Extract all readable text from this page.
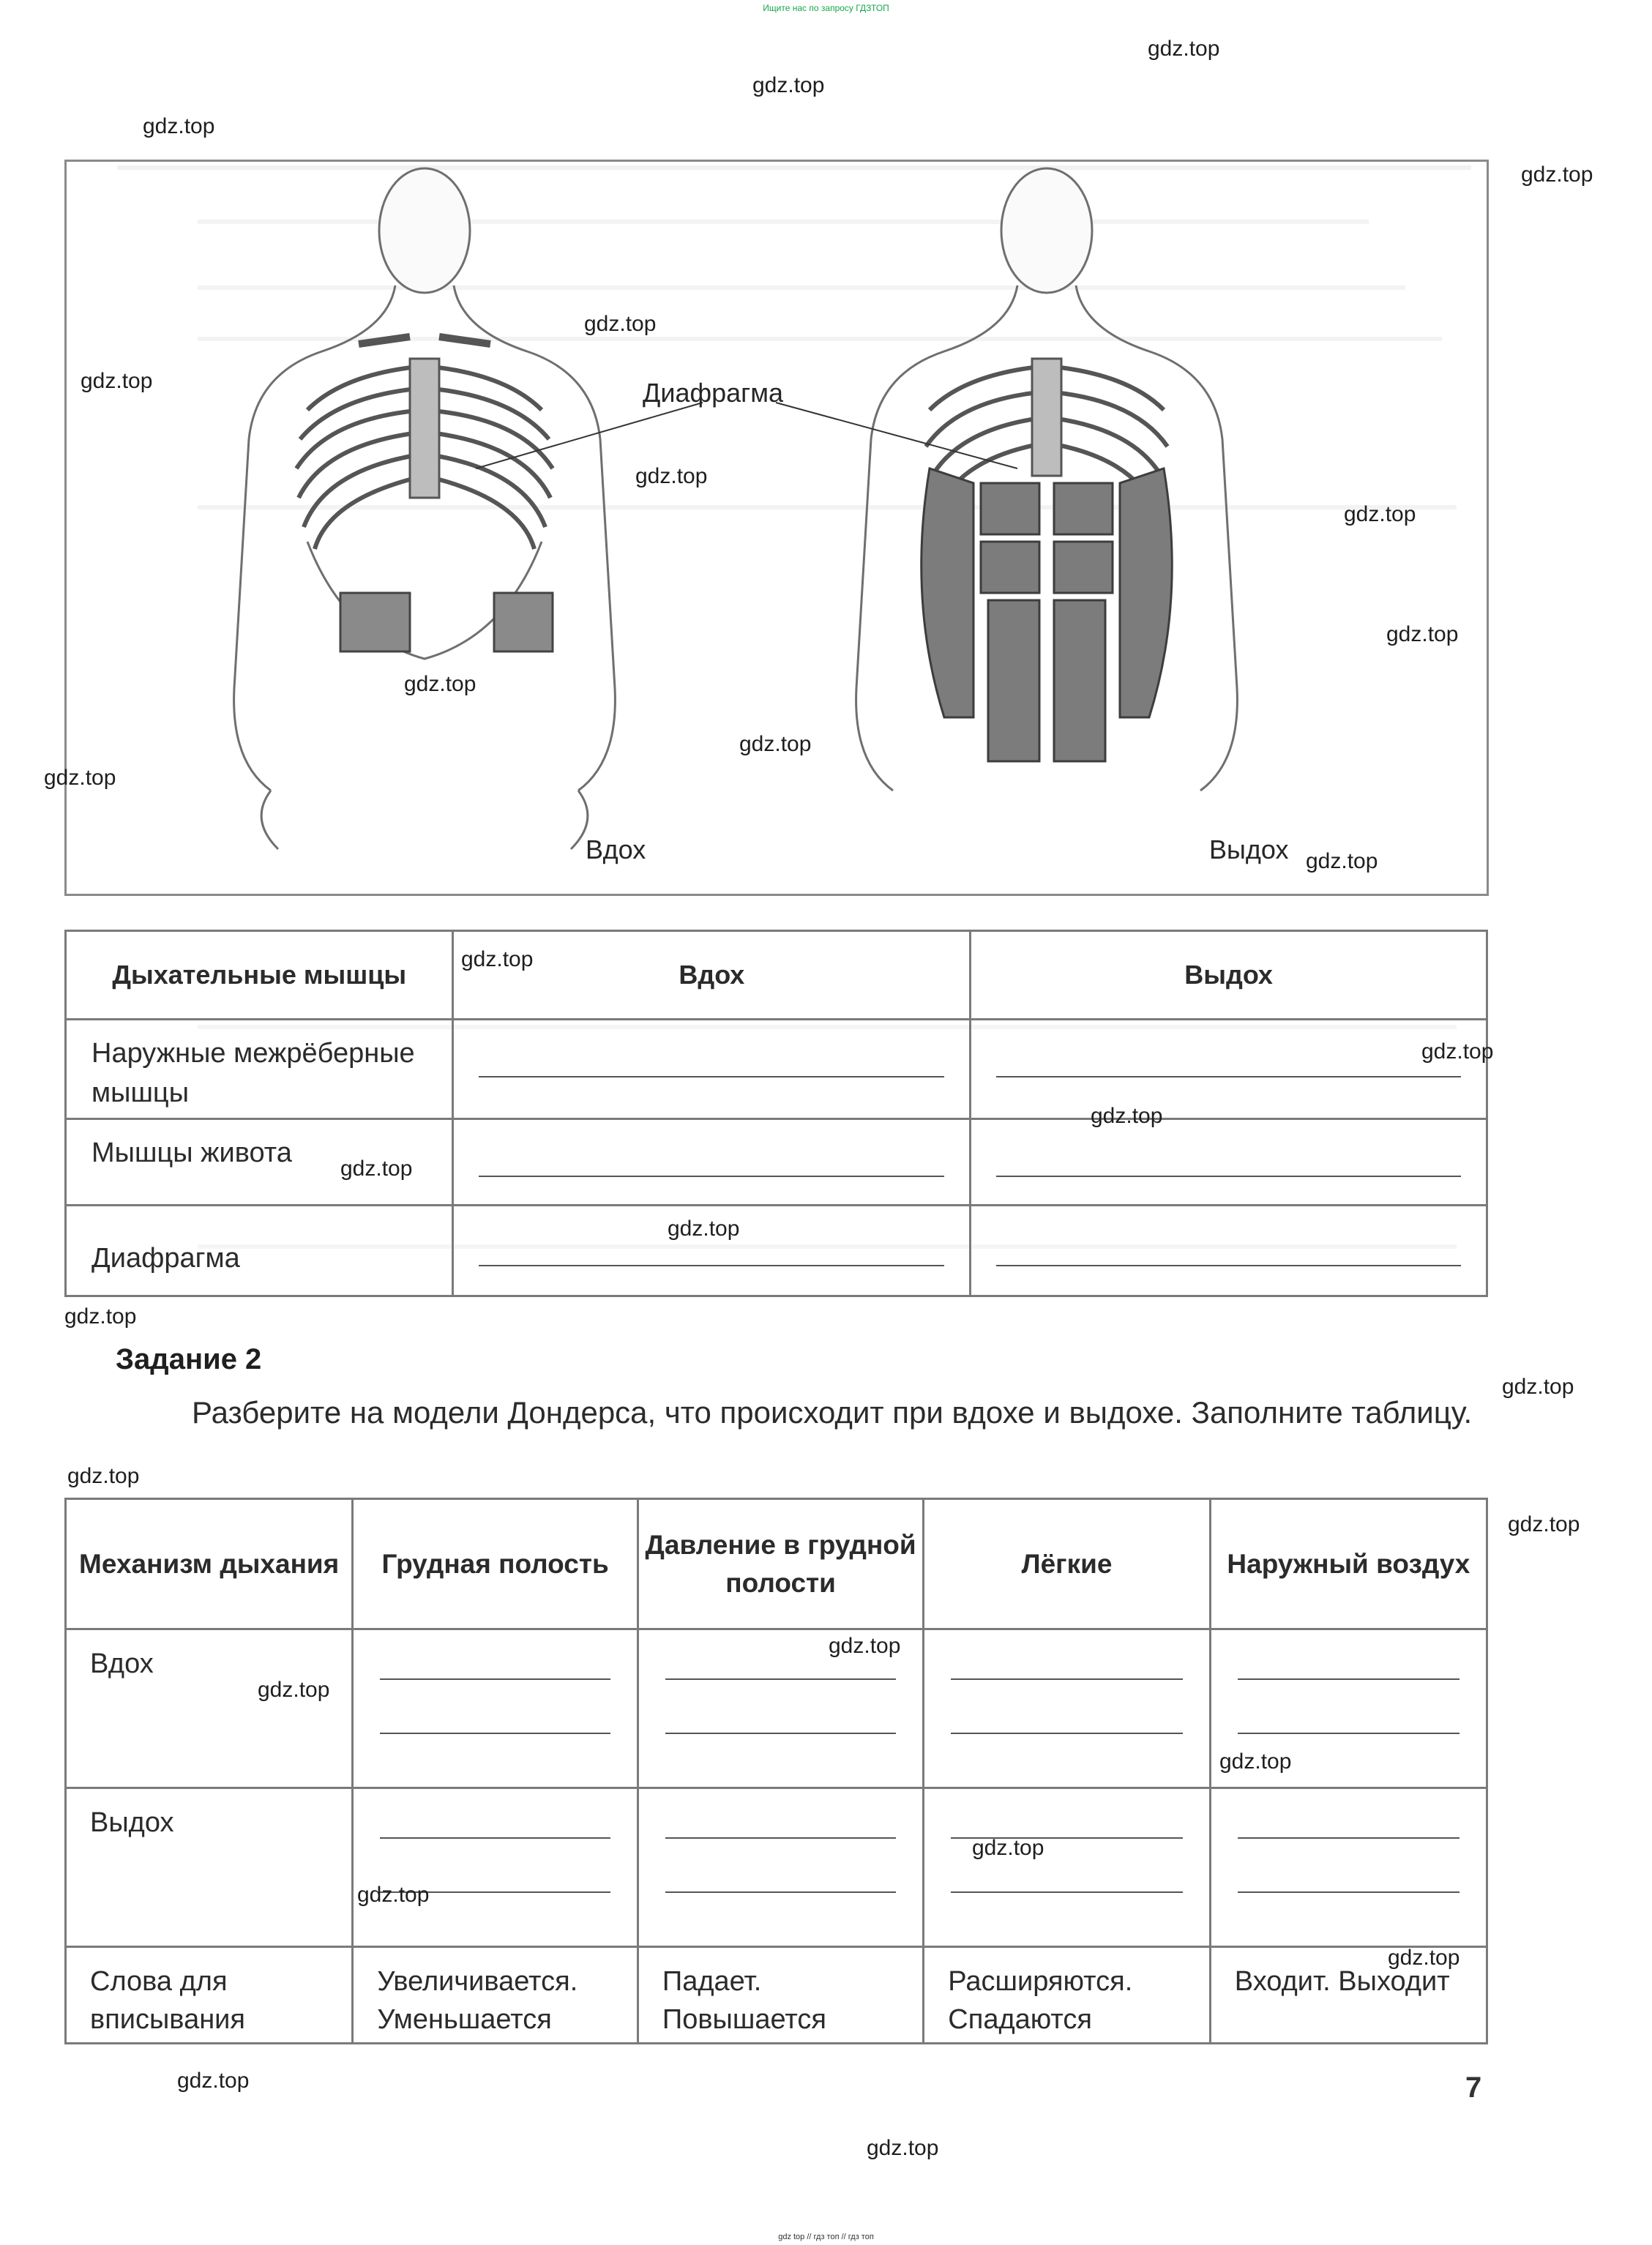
Ищите нас по запросу ГДЗТОП
Диафрагма
Вдох	Выдох
Дыхательные мышцы	Вдох	Выдох

Наружные межрёберные мышцы		

Мышцы живота		

Диафрагма		

Задание 2
Разберите на модели Дондерса, что происходит при вдохе и выдохе. Заполните таблицу.
Механизм дыхания	Грудная полость	Давление в грудной полости	Лёгкие	Наружный воздух

Вдох				

Выдох				

Слова для вписывания	Увеличивается. Уменьшается	Падает. Повышается	Расширяются. Спадаются	Входит. Выходит
7
gdz.top
gdz.top
gdz.top
gdz.top
gdz.top
gdz.top
gdz.top
gdz.top
gdz.top
gdz.top
gdz.top
gdz.top
gdz.top
gdz.top
gdz.top
gdz.top
gdz.top
gdz.top
gdz.top
gdz.top
gdz.top
gdz.top
gdz.top
gdz.top
gdz.top
gdz.top
gdz.top
gdz.top
gdz.top
gdz.top
gdz top // гдз топ // гдз топ
